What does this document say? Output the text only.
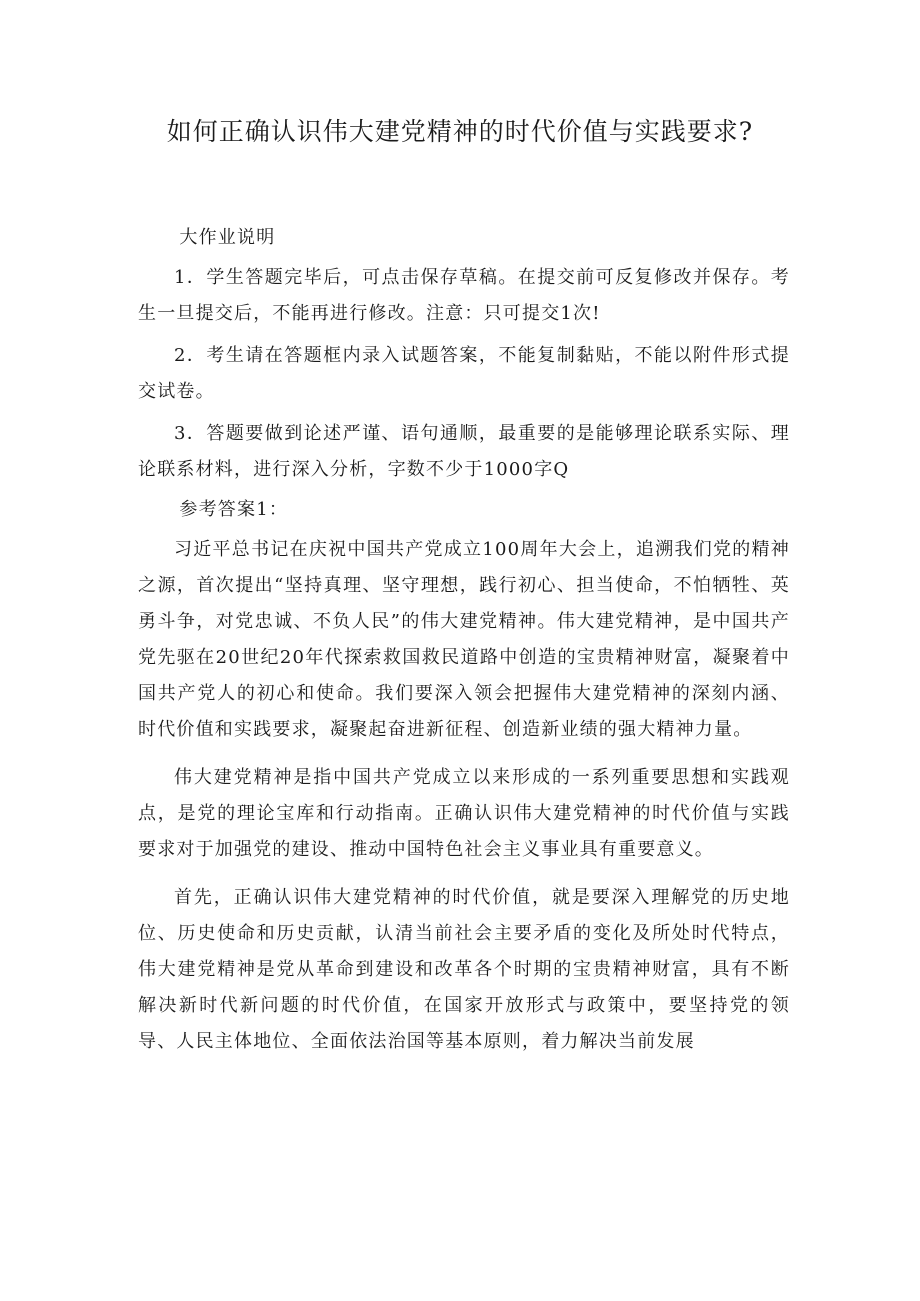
如何正确认识伟大建党精神的时代价值与实践要求?

大作业说明

1．学生答题完毕后，可点击保存草稿。在提交前可反复修改并保存。考生一旦提交后，不能再进行修改。注意：只可提交1次!

2．考生请在答题框内录入试题答案，不能复制黏贴，不能以附件形式提交试卷。

3．答题要做到论述严谨、语句通顺，最重要的是能够理论联系实际、理论联系材料，进行深入分析，字数不少于1000字Q

参考答案1：

习近平总书记在庆祝中国共产党成立100周年大会上，追溯我们党的精神之源，首次提出“坚持真理、坚守理想，践行初心、担当使命，不怕牺牲、英勇斗争，对党忠诚、不负人民”的伟大建党精神。伟大建党精神，是中国共产党先驱在20世纪20年代探索救国救民道路中创造的宝贵精神财富，凝聚着中国共产党人的初心和使命。我们要深入领会把握伟大建党精神的深刻内涵、时代价值和实践要求，凝聚起奋进新征程、创造新业绩的强大精神力量。

伟大建党精神是指中国共产党成立以来形成的一系列重要思想和实践观点，是党的理论宝库和行动指南。正确认识伟大建党精神的时代价值与实践要求对于加强党的建设、推动中国特色社会主义事业具有重要意义。

首先，正确认识伟大建党精神的时代价值，就是要深入理解党的历史地位、历史使命和历史贡献，认清当前社会主要矛盾的变化及所处时代特点，伟大建党精神是党从革命到建设和改革各个时期的宝贵精神财富，具有不断解决新时代新问题的时代价值，在国家开放形式与政策中，要坚持党的领导、人民主体地位、全面依法治国等基本原则，着力解决当前发展
